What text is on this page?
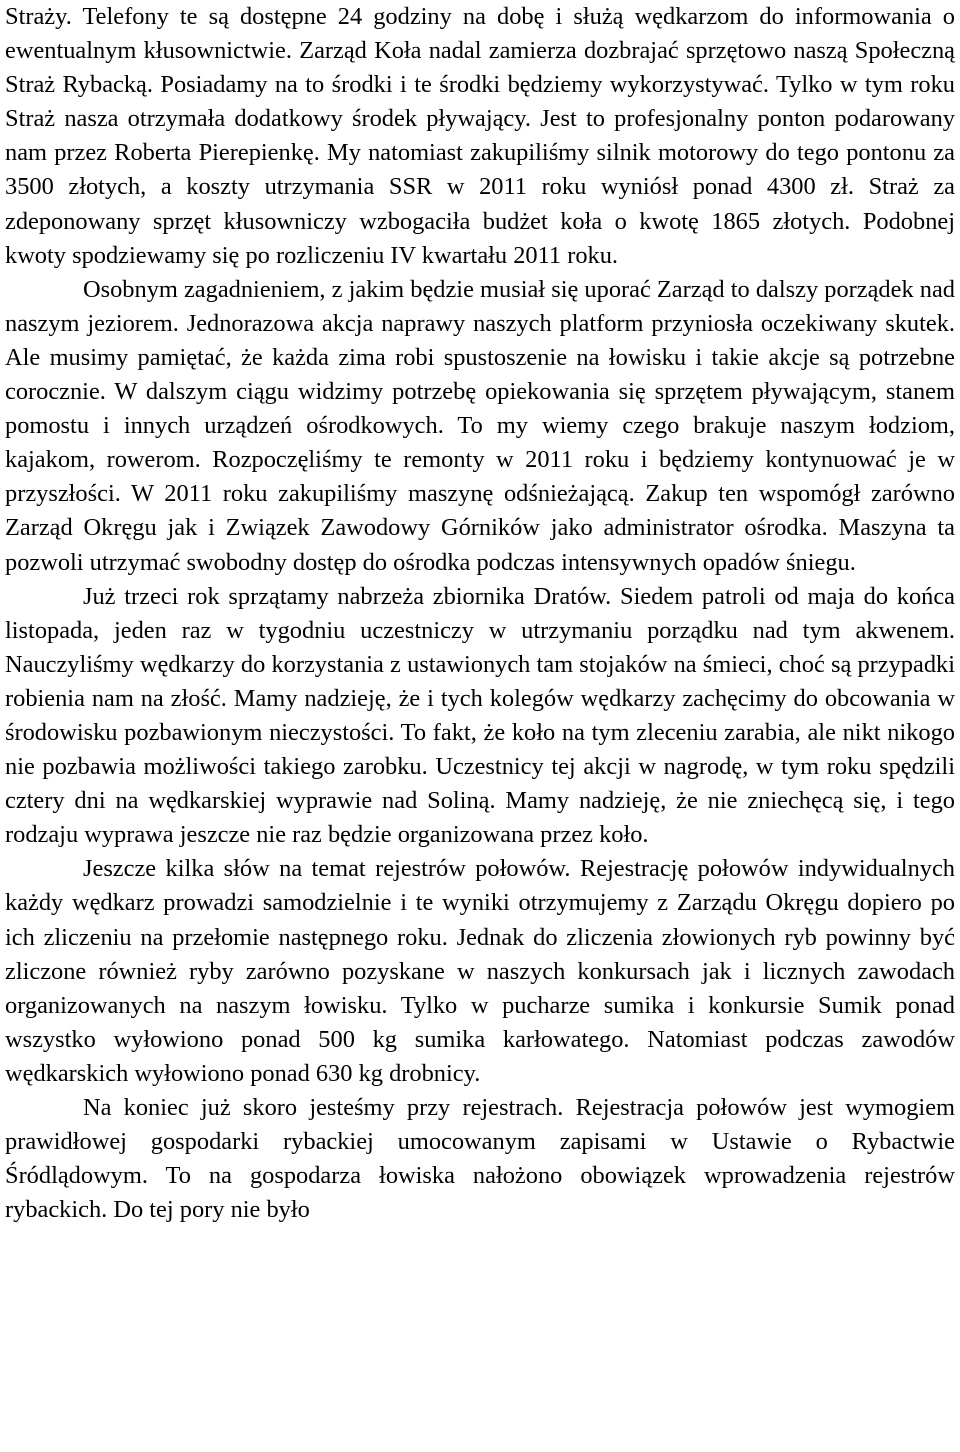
Straży. Telefony te są dostępne 24 godziny na dobę i służą wędkarzom do informowania o ewentualnym kłusownictwie. Zarząd Koła nadal zamierza dozbrajać sprzętowo naszą Społeczną Straż Rybacką. Posiadamy na to środki i te środki będziemy wykorzystywać. Tylko w tym roku Straż nasza otrzymała dodatkowy środek pływający. Jest to profesjonalny ponton podarowany nam przez Roberta Pierepienkę. My natomiast zakupiliśmy silnik motorowy do tego pontonu za 3500 złotych, a koszty utrzymania SSR w 2011 roku wyniósł ponad 4300 zł. Straż za zdeponowany sprzęt kłusowniczy wzbogaciła budżet koła o kwotę 1865 złotych. Podobnej kwoty spodziewamy się po rozliczeniu IV kwartału 2011 roku.

Osobnym zagadnieniem, z jakim będzie musiał się uporać Zarząd to dalszy porządek nad naszym jeziorem. Jednorazowa akcja naprawy naszych platform przyniosła oczekiwany skutek. Ale musimy pamiętać, że każda zima robi spustoszenie na łowisku i takie akcje są potrzebne corocznie. W dalszym ciągu widzimy potrzebę opiekowania się sprzętem pływającym, stanem pomostu i innych urządzeń ośrodkowych. To my wiemy czego brakuje naszym łodziom, kajakom, rowerom. Rozpoczęliśmy te remonty w 2011 roku i będziemy kontynuować je w przyszłości. W 2011 roku zakupiliśmy maszynę odśnieżającą. Zakup ten wspomógł zarówno Zarząd Okręgu jak i Związek Zawodowy Górników jako administrator ośrodka. Maszyna ta pozwoli utrzymać swobodny dostęp do ośrodka podczas intensywnych opadów śniegu.

Już trzeci rok sprzątamy nabrzeża zbiornika Dratów. Siedem patroli od maja do końca listopada, jeden raz w tygodniu uczestniczy w utrzymaniu porządku nad tym akwenem. Nauczyliśmy wędkarzy do korzystania z ustawionych tam stojaków na śmieci, choć są przypadki robienia nam na złość. Mamy nadzieję, że i tych kolegów wędkarzy zachęcimy do obcowania w środowisku pozbawionym nieczystości. To fakt, że koło na tym zleceniu zarabia, ale nikt nikogo nie pozbawia możliwości takiego zarobku. Uczestnicy tej akcji w nagrodę, w tym roku spędzili cztery dni na wędkarskiej wyprawie nad Soliną. Mamy nadzieję, że nie zniechęcą się, i tego rodzaju wyprawa jeszcze nie raz będzie organizowana przez koło.

Jeszcze kilka słów na temat rejestrów połowów. Rejestrację połowów indywidualnych każdy wędkarz prowadzi samodzielnie i te wyniki otrzymujemy z Zarządu Okręgu dopiero po ich zliczeniu na przełomie następnego roku. Jednak do zliczenia złowionych ryb powinny być zliczone również ryby zarówno pozyskane w naszych konkursach jak i licznych zawodach organizowanych na naszym łowisku. Tylko w pucharze sumika i konkursie Sumik ponad wszystko wyłowiono ponad 500 kg sumika karłowatego. Natomiast podczas zawodów wędkarskich wyłowiono ponad 630 kg drobnicy.

Na koniec już skoro jesteśmy przy rejestrach. Rejestracja połowów jest wymogiem prawidłowej gospodarki rybackiej umocowanym zapisami w Ustawie o Rybactwie Śródlądowym. To na gospodarza łowiska nałożono obowiązek wprowadzenia rejestrów rybackich. Do tej pory nie było
